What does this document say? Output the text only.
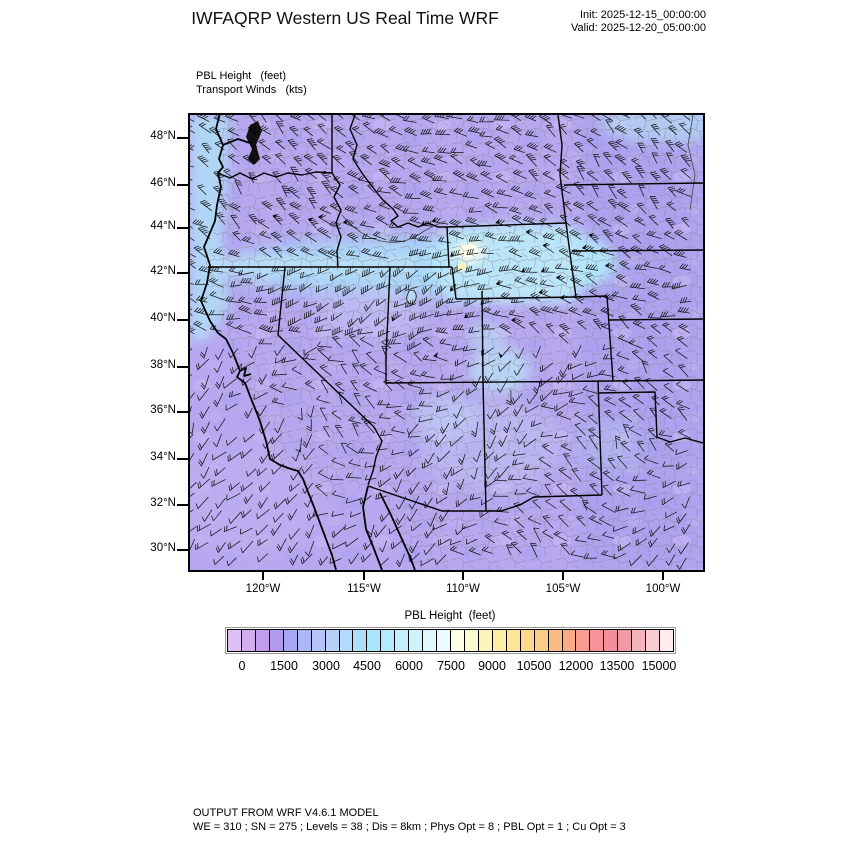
IWFAQRP Western US Real Time WRF	Init: 2025-12-15_00:00:00
Valid: 2025-12-20_05:00:00
PBL Height   (feet)
Transport Winds   (kts)
48°N
46°N
44°N
42°N
40°N
38°N
36°N
34°N
32°N
30°N
120°W	115°W	110°W	105°W	100°W
PBL Height  (feet)
0	1500	3000	4500	6000	7500	9000 10500 12000 13500 15000
OUTPUT FROM WRF V4.6.1 MODEL
WE = 310 ; SN = 275 ; Levels = 38 ; Dis = 8km ; Phys Opt = 8 ; PBL Opt = 1 ; Cu Opt = 3
